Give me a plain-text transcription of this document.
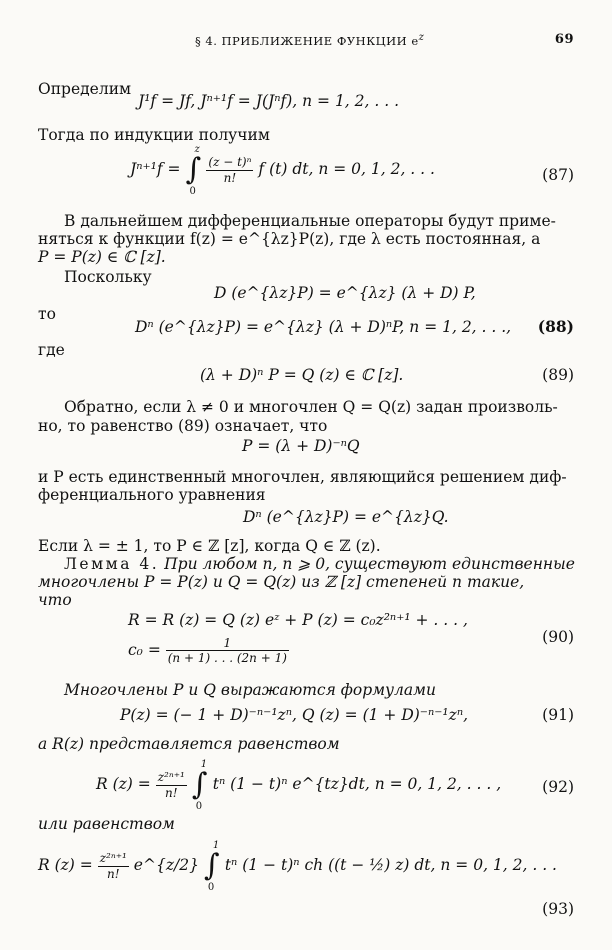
§ 4. ПРИБЛИЖЕНИЕ ФУНКЦИИ $e^z$	69
Определим
J¹f = Jf, Jⁿ⁺¹f = J(Jⁿf), n = 1, 2, . . .
Тогда по индукции получим
Jⁿ⁺¹f = ∫
z
0

$\frac{\text{(z − t)ⁿ}}{n!}$ f (t) dt, n = 0, 1, 2, . . .	(87)
В дальнейшем дифференциальные операторы будут приме-
няться к функции f(z) = e^{λz}P(z), где λ есть постоянная, а
P = P(z) ∈ ℂ [z].
Поскольку
D (e^{λz}P) = e^{λz} (λ + D) P,
то
Dⁿ (e^{λz}P) = e^{λz} (λ + D)ⁿP, n = 1, 2, . . ., (88)
где
(λ + D)ⁿ P = Q (z) ∈ ℂ [z].	(89)
Обратно, если λ ≠ 0 и многочлен Q = Q(z) задан произволь-
но, то равенство (89) означает, что
P = (λ + D)⁻ⁿQ
и P есть единственный многочлен, являющийся решением диф-
ференциального уравнения
Dⁿ (e^{λz}P) = e^{λz}Q.
Если λ = ± 1, то P ∈ ℤ [z], когда Q ∈ ℤ (z).
Лемма 4. При любом n, n ⩾ 0, существуют единственные
многочлены P = P(z) и Q = Q(z) из ℤ [z] степеней n такие,
что
R = R (z) = Q (z) eᶻ + P (z) = c₀z²ⁿ⁺¹ + . . . ,
$c_0 = \frac{1}{(n + 1) . . . (2n + 1)}$	(90)
Многочлены P и Q выражаются формулами
P(z) = (− 1 + D)⁻ⁿ⁻¹zⁿ, Q (z) = (1 + D)⁻ⁿ⁻¹zⁿ,	(91)
а R(z) представляется равенством
R $(z) = \frac{\text{z²ⁿ⁺¹}}{n!}$
∫
1
0
tⁿ (1 − t)ⁿ e^{tz}dt, n = 0, 1, 2, . . . ,	(92)
или равенством
R $(z) = \frac{\text{z²ⁿ⁺¹}}{n!}$ e^{z/2} ∫
1
0
tⁿ (1 − t)ⁿ ch ((t − ½) z) dt, n = 0, 1, 2, . . .
(93)
